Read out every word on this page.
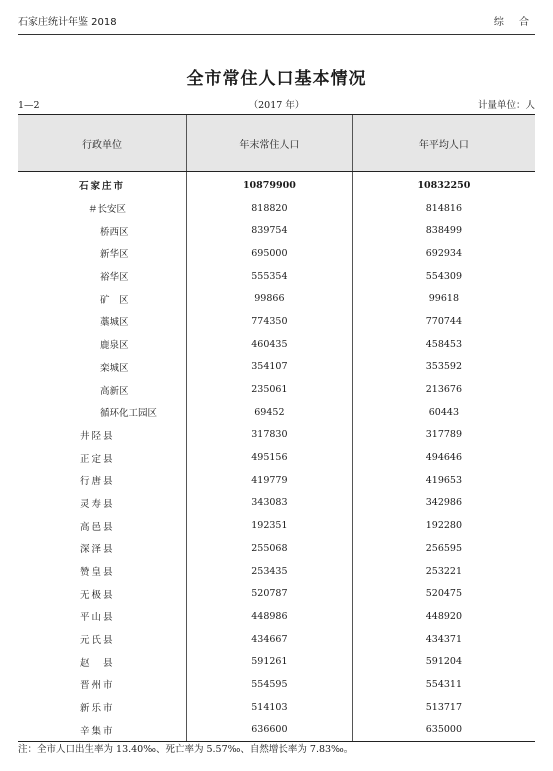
石家庄统计年鉴 2018	综 合
全市常住人口基本情况
1—2	（2017 年）	计量单位：人
行政单位	年末常住人口	年平均人口
石家庄市	10879900	10832250
＃长安区	818820	814816
桥西区	839754	838499
新华区	695000	692934
裕华区	555354	554309
矿　区	99866	99618
藁城区	774350	770744
鹿泉区	460435	458453
栾城区	354107	353592
高新区	235061	213676
循环化工园区	69452	60443
井陉县	317830	317789
正定县	495156	494646
行唐县	419779	419653
灵寿县	343083	342986
高邑县	192351	192280
深泽县	255068	256595
赞皇县	253435	253221
无极县	520787	520475
平山县	448986	448920
元氏县	434667	434371
赵　县	591261	591204
晋州市	554595	554311
新乐市	514103	513717
辛集市	636600	635000
注：全市人口出生率为 13.40‰、死亡率为 5.57‰、自然增长率为 7.83‰。
